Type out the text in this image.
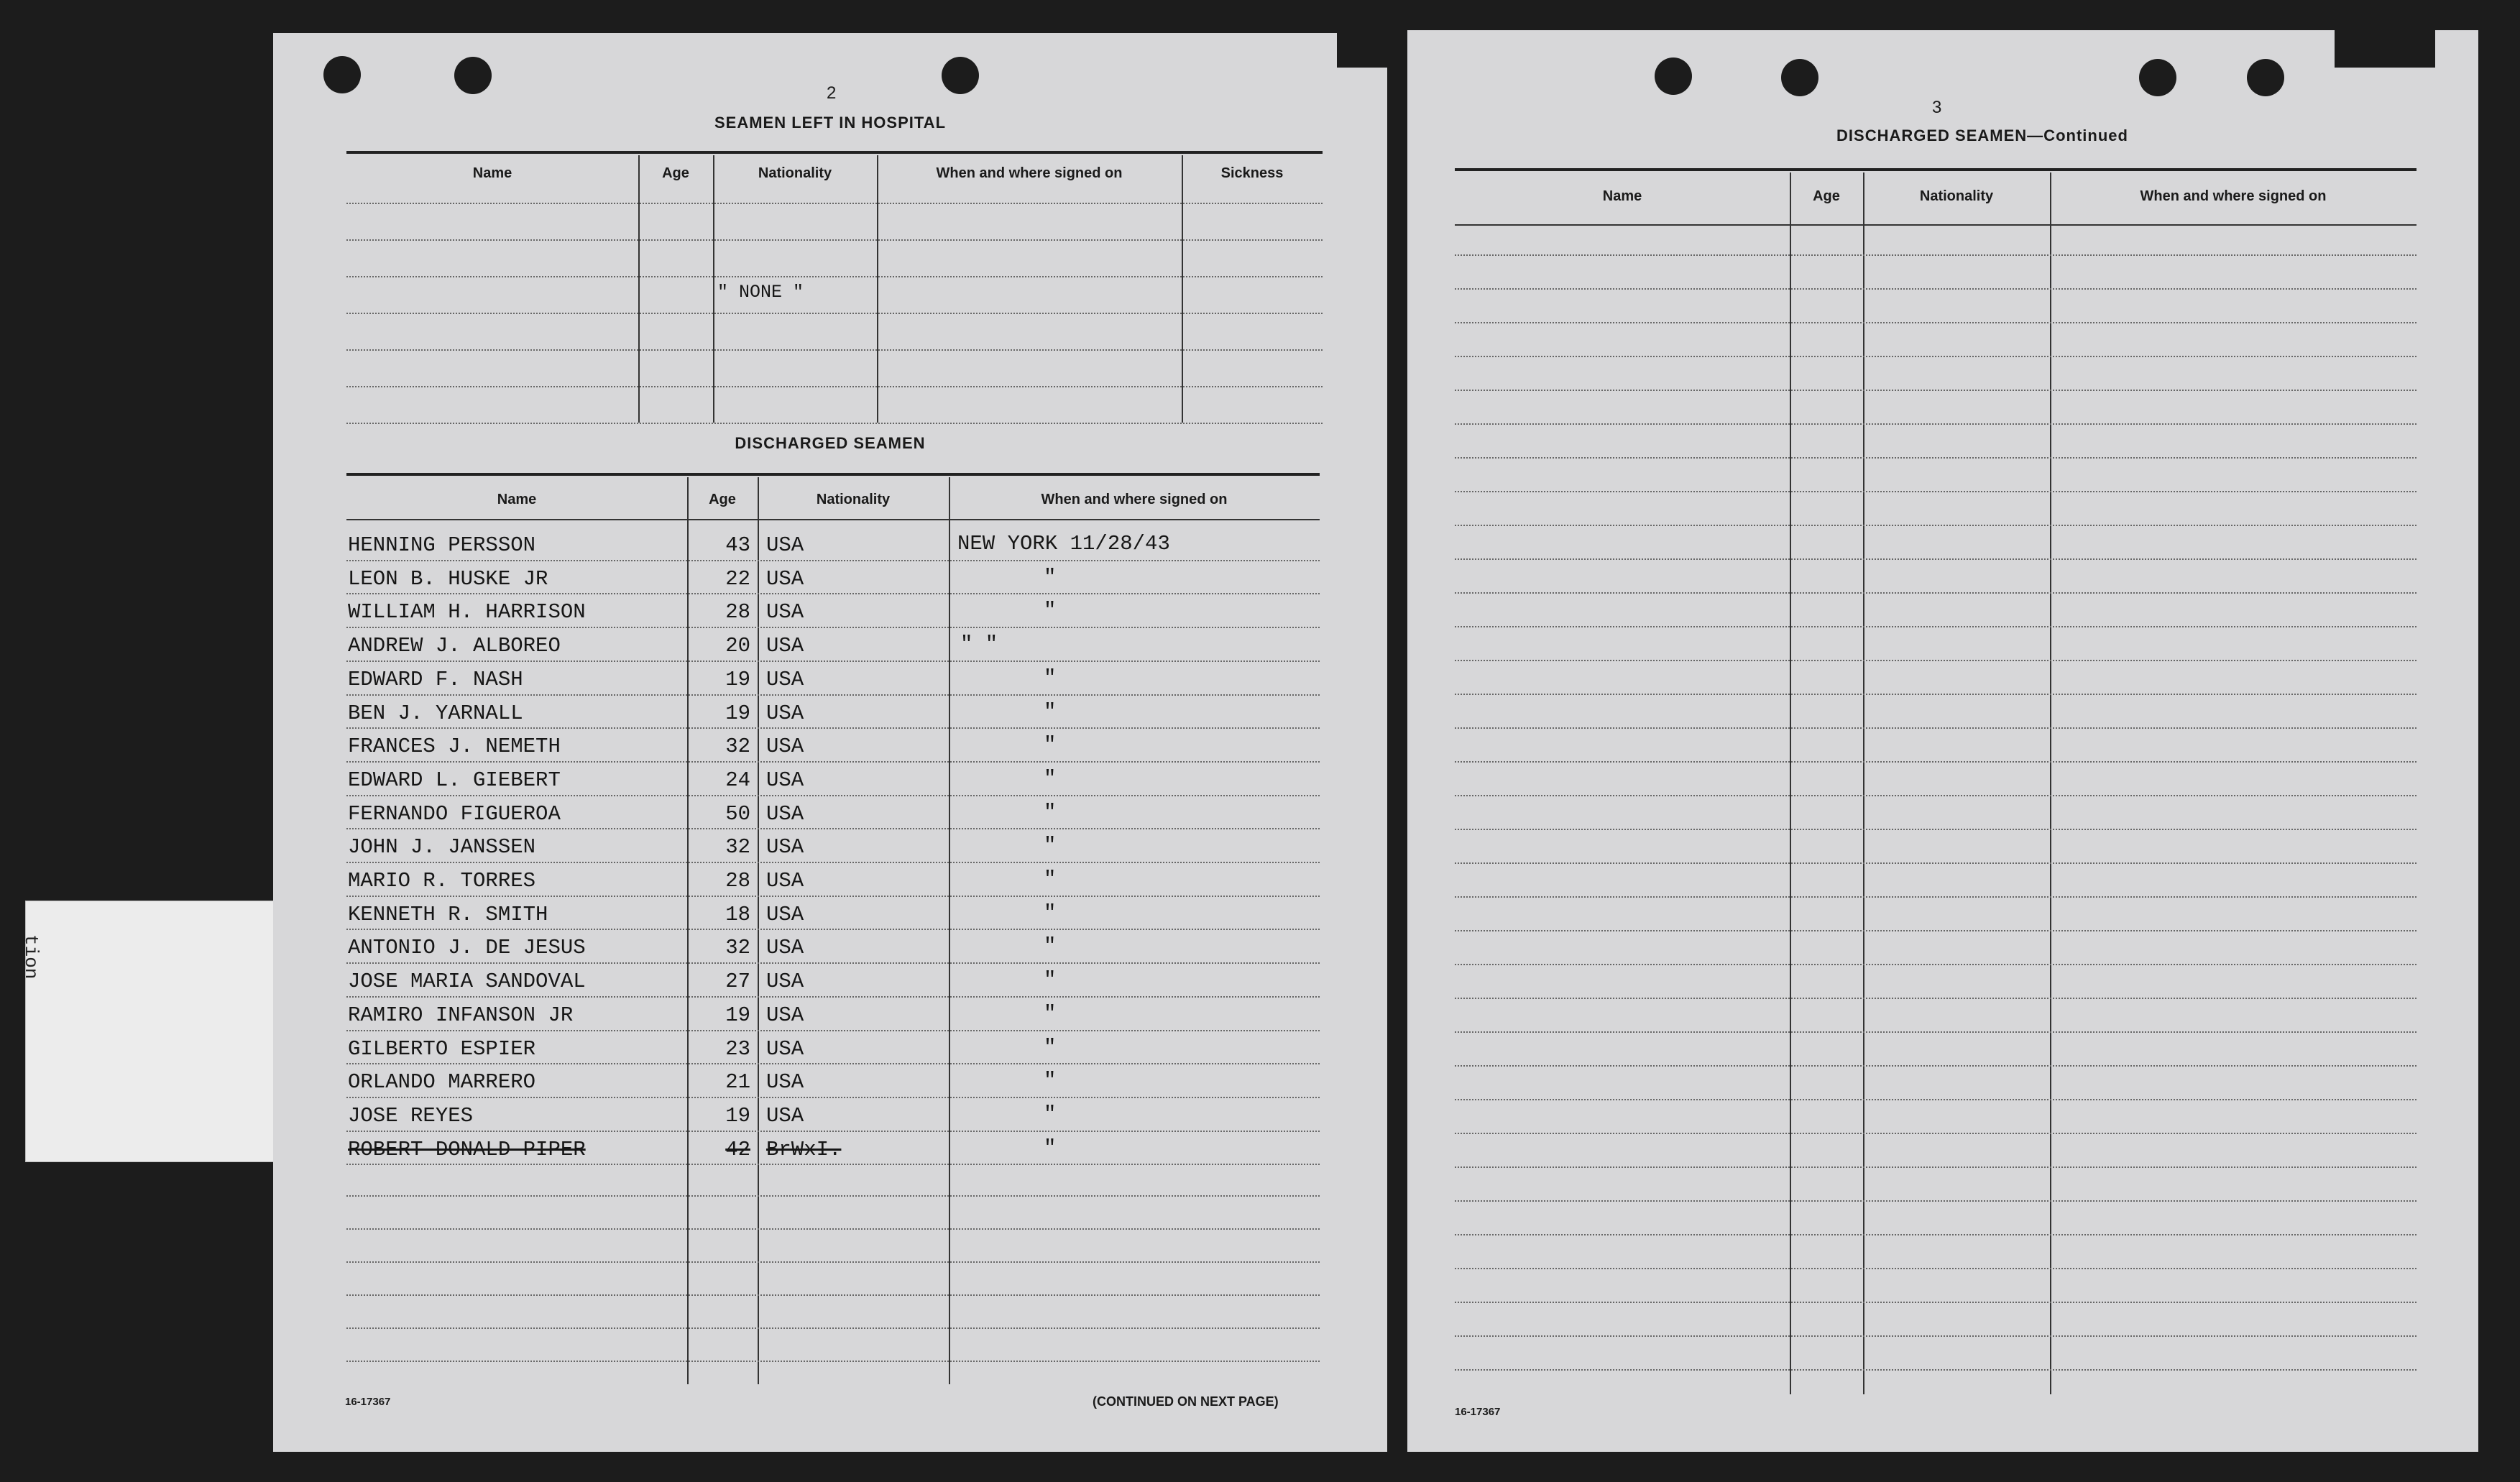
tion
2
SEAMEN LEFT IN HOSPITAL
DISCHARGED SEAMEN
16-17367	(CONTINUED ON NEXT PAGE)
Name	Age	Nationality	When and where signed on	Sickness
" NONE "
Name	Age	Nationality	When and where signed on
HENNING PERSSON	43 USA	NEW YORK 11/28/43
LEON B. HUSKE JR	22 USA	"
WILLIAM H. HARRISON	28 USA	"
ANDREW J. ALBOREO	20 USA	" "
EDWARD F. NASH	19 USA	"
BEN J. YARNALL	19 USA	"
FRANCES J. NEMETH	32 USA	"
EDWARD L. GIEBERT	24 USA	"
FERNANDO FIGUEROA	50 USA	"
JOHN J. JANSSEN	32 USA	"
MARIO R. TORRES	28 USA	"
KENNETH R. SMITH	18 USA	"
ANTONIO J. DE JESUS	32 USA	"
JOSE MARIA SANDOVAL	27 USA	"
RAMIRO INFANSON JR	19 USA	"
GILBERTO ESPIER	23 USA	"
ORLANDO MARRERO	21 USA	"
JOSE REYES	19 USA	"
ROBERT DONALD PIPER	42 BrWxI.	"
3
DISCHARGED SEAMEN—Continued
16-17367
Name	Age	Nationality	When and where signed on
